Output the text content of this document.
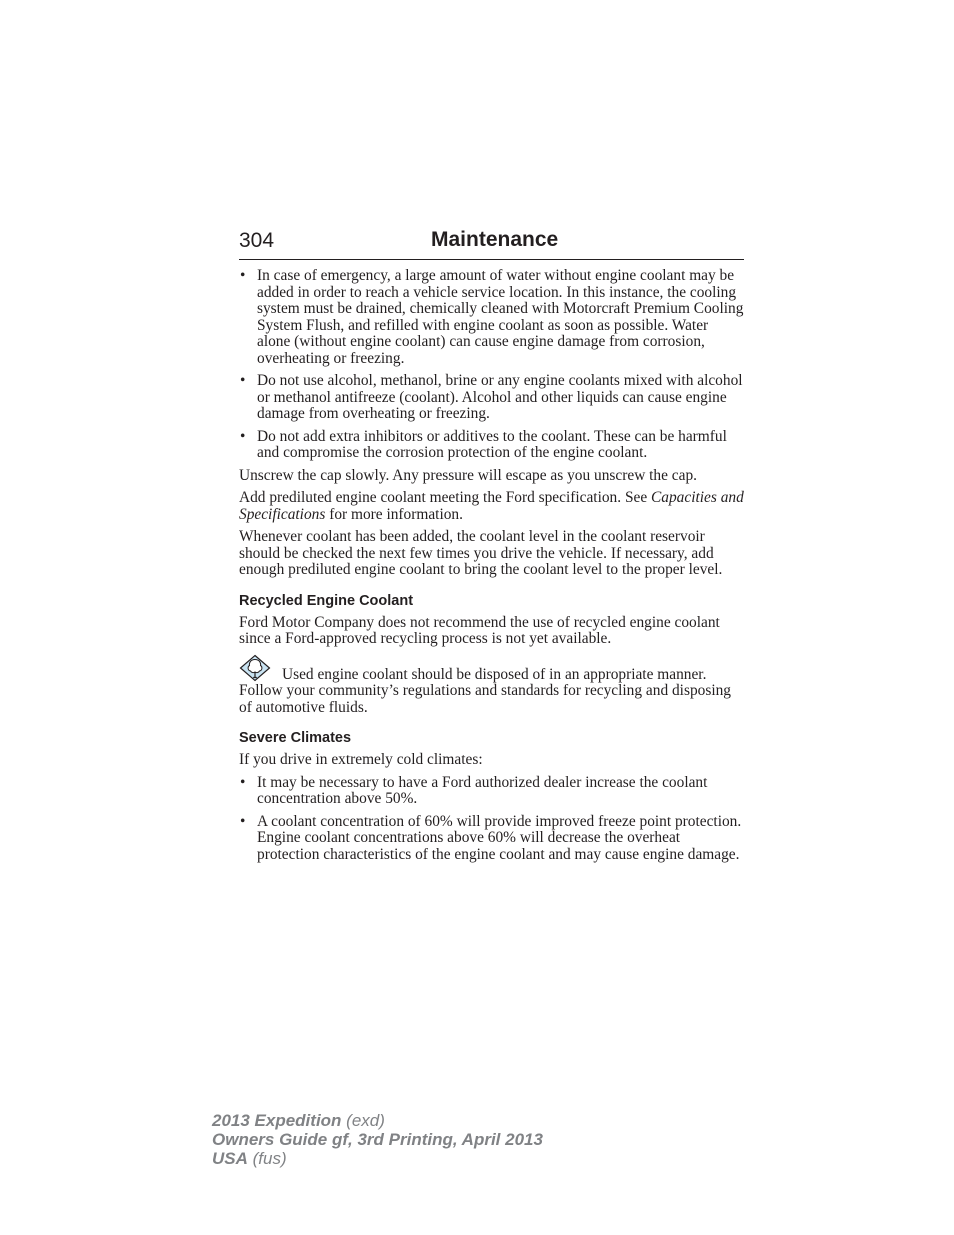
304	Maintenance
• In case of emergency, a large amount of water without engine coolant may be added in order to reach a vehicle service location. In this instance, the cooling system must be drained, chemically cleaned with Motorcraft Premium Cooling System Flush, and refilled with engine coolant as soon as possible. Water alone (without engine coolant) can cause engine damage from corrosion, overheating or freezing.
• Do not use alcohol, methanol, brine or any engine coolants mixed with alcohol or methanol antifreeze (coolant). Alcohol and other liquids can cause engine damage from overheating or freezing.
• Do not add extra inhibitors or additives to the coolant. These can be harmful and compromise the corrosion protection of the engine coolant.

Unscrew the cap slowly. Any pressure will escape as you unscrew the cap.

Add prediluted engine coolant meeting the Ford specification. See Capacities and Specifications for more information.

Whenever coolant has been added, the coolant level in the coolant reservoir should be checked the next few times you drive the vehicle. If necessary, add enough prediluted engine coolant to bring the coolant level to the proper level.

Recycled Engine Coolant

Ford Motor Company does not recommend the use of recycled engine coolant since a Ford-approved recycling process is not yet available.

Used engine coolant should be disposed of in an appropriate manner. Follow your community’s regulations and standards for recycling and disposing of automotive fluids.
Severe Climates

If you drive in extremely cold climates:

• It may be necessary to have a Ford authorized dealer increase the coolant concentration above 50%.
• A coolant concentration of 60% will provide improved freeze point protection. Engine coolant concentrations above 60% will decrease the overheat protection characteristics of the engine coolant and may cause engine damage.
2013 Expedition (exd)
Owners Guide gf, 3rd Printing, April 2013
USA (fus)
